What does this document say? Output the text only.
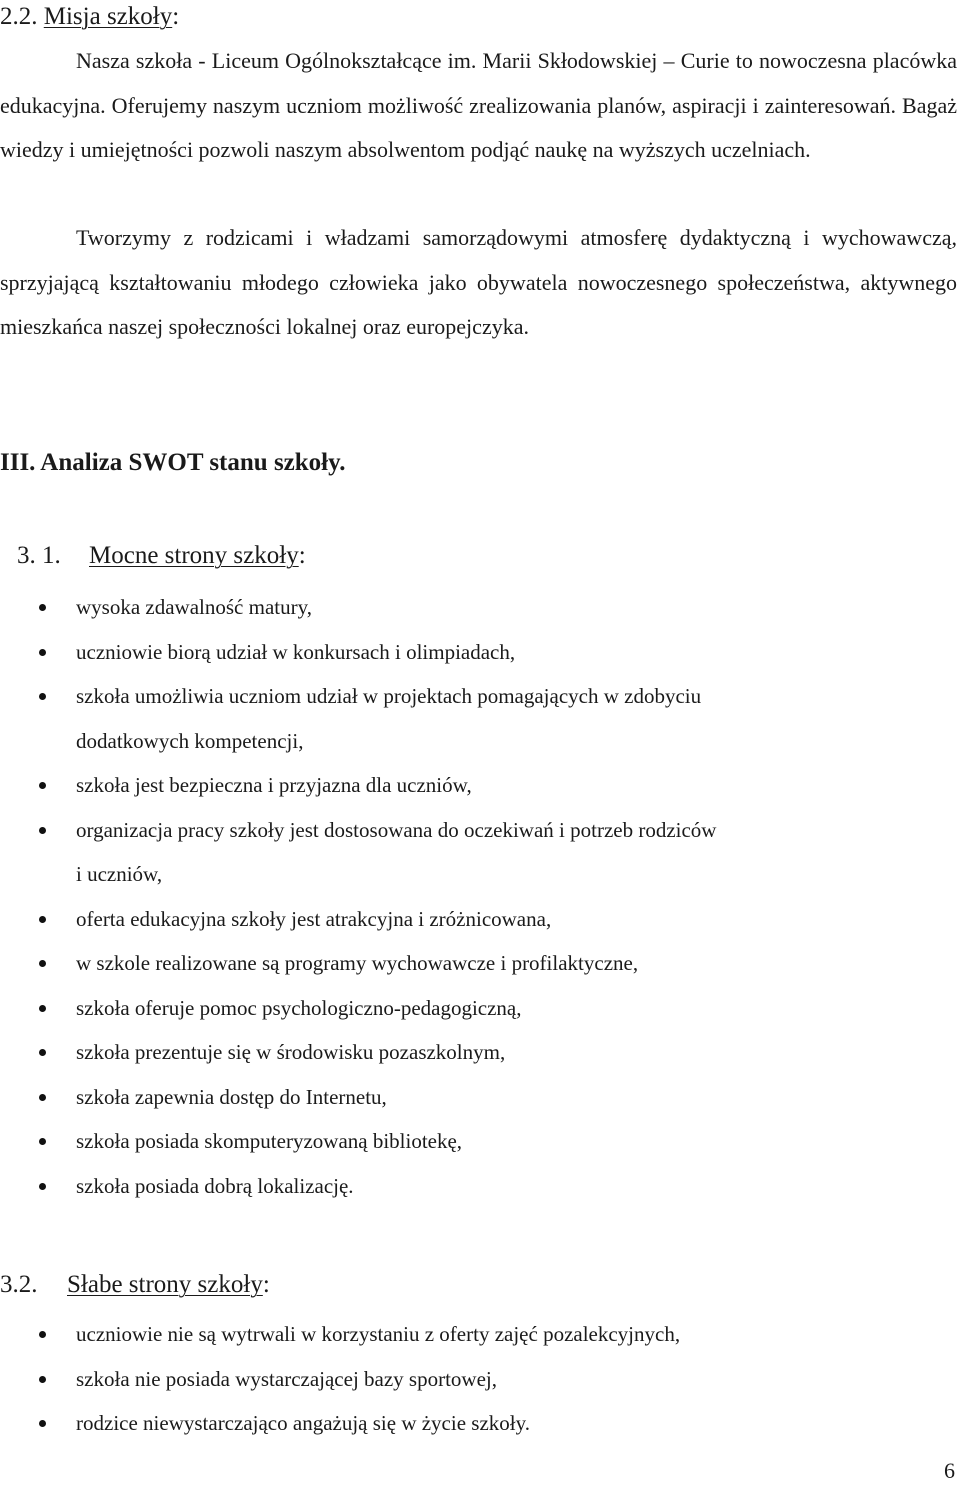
2.2. Misja szkoły:
Nasza szkoła - Liceum Ogólnokształcące im. Marii Skłodowskiej – Curie to nowoczesna placówka edukacyjna. Oferujemy naszym uczniom możliwość zrealizowania planów, aspiracji i zainteresowań. Bagaż wiedzy i umiejętności pozwoli naszym absolwentom podjąć naukę na wyższych uczelniach.
Tworzymy z rodzicami i władzami samorządowymi atmosferę dydaktyczną i wychowawczą, sprzyjającą kształtowaniu młodego człowieka jako obywatela nowoczesnego społeczeństwa, aktywnego mieszkańca naszej społeczności lokalnej oraz europejczyka.
III. Analiza SWOT stanu szkoły.
3. 1. Mocne strony szkoły:
wysoka zdawalność matury,
uczniowie biorą udział w konkursach i olimpiadach,
szkoła umożliwia uczniom udział w projektach pomagających w zdobyciu
dodatkowych kompetencji,
szkoła jest bezpieczna i przyjazna dla uczniów,
organizacja pracy szkoły jest dostosowana do oczekiwań i potrzeb rodziców
i uczniów,
oferta edukacyjna szkoły jest atrakcyjna i zróżnicowana,
w szkole realizowane są programy wychowawcze i profilaktyczne,
szkoła oferuje pomoc psychologiczno-pedagogiczną,
szkoła prezentuje się w środowisku pozaszkolnym,
szkoła zapewnia dostęp do Internetu,
szkoła posiada skomputeryzowaną bibliotekę,
szkoła posiada dobrą lokalizację.
3.2. Słabe strony szkoły:
uczniowie nie są wytrwali w korzystaniu z oferty zajęć pozalekcyjnych,
szkoła nie posiada wystarczającej bazy sportowej,
rodzice niewystarczająco angażują się w życie szkoły.
6
